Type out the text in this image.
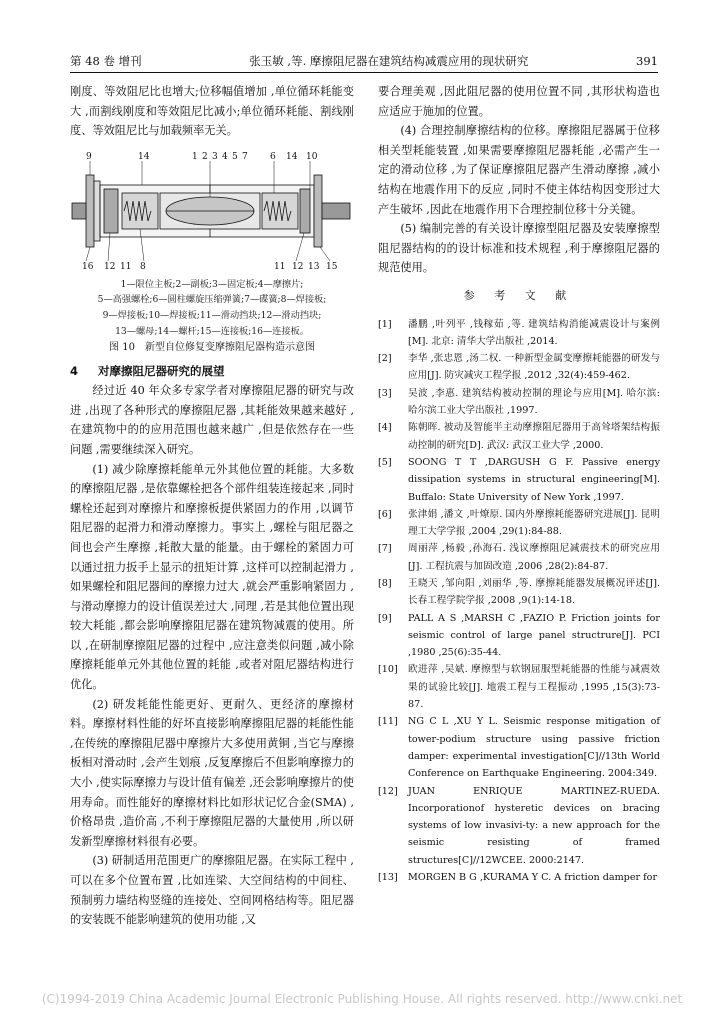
第 48 卷 增刊	张玉敏 ,等. 摩擦阻尼器在建筑结构减震应用的现状研究	391

刚度、等效阻尼比也增大;位移幅值增加 ,单位循环耗能变大 ,而割线刚度和等效阻尼比减小;单位循环耗能、割线刚度、等效阻尼比与加载频率无关。

9	14	1 2 3 4 5 7 6 14 10
16 12 11 8	11 12 13 15
1—限位主板;2—副板;3—固定板;4—摩擦片;
5—高强螺栓;6—圆柱螺旋压缩弹簧;7—碟簧;8—焊接板;
9—焊接板;10—焊接板;11—滑动挡块;12—滑动挡块;
13—螺母;14—螺杆;15—连接板;16—连接板。
图 10　新型自位修复变摩擦阻尼器构造示意图
4	对摩擦阻尼器研究的展望

经过近 40 年众多专家学者对摩擦阻尼器的研究与改进 ,出现了各种形式的摩擦阻尼器 ,其耗能效果越来越好 ,在建筑物中的的应用范围也越来越广 ,但是依然存在一些问题 ,需要继续深入研究。

(1) 减少除摩擦耗能单元外其他位置的耗能。大多数的摩擦阻尼器 ,是依靠螺栓把各个部件组装连接起来 ,同时螺栓还起到对摩擦片和摩擦板提供紧固力的作用 ,以调节阻尼器的起滑力和滑动摩擦力。事实上 ,螺栓与阻尼器之间也会产生摩擦 ,耗散大量的能量。由于螺栓的紧固力可以通过扭力扳手上显示的扭矩计算 ,这样可以控制起滑力 ,如果螺栓和阻尼器间的摩擦力过大 ,就会严重影响紧固力 ,与滑动摩擦力的设计值误差过大 ,同理 ,若是其他位置出现较大耗能 ,都会影响摩擦阻尼器在建筑物减震的使用。所以 ,在研制摩擦阻尼器的过程中 ,应注意类似问题 ,减小除摩擦耗能单元外其他位置的耗能 ,或者对阻尼器结构进行优化。

(2) 研发耗能性能更好、更耐久、更经济的摩擦材料。摩擦材料性能的好坏直接影响摩擦阻尼器的耗能性能 ,在传统的摩擦阻尼器中摩擦片大多使用黄铜 ,当它与摩擦板相对滑动时 ,会产生划痕 ,反复摩擦后不但影响摩擦力的大小 ,使实际摩擦力与设计值有偏差 ,还会影响摩擦片的使用寿命。而性能好的摩擦材料比如形状记忆合金(SMA) ,价格昂贵 ,造价高 ,不利于摩擦阻尼器的大量使用 ,所以研发新型摩擦材料很有必要。

(3) 研制适用范围更广的摩擦阻尼器。在实际工程中 ,可以在多个位置布置 ,比如连梁、大空间结构的中间柱、预制剪力墙结构竖缝的连接处、空间网格结构等。阻尼器的安装既不能影响建筑的使用功能 ,又

要合理美观 ,因此阻尼器的使用位置不同 ,其形状构造也应适应于施加的位置。

(4) 合理控制摩擦结构的位移。摩擦阻尼器属于位移相关型耗能装置 ,如果需要摩擦阻尼器耗能 ,必需产生一定的滑动位移 ,为了保证摩擦阻尼器产生滑动摩擦 ,减小结构在地震作用下的反应 ,同时不使主体结构因变形过大产生破坏 ,因此在地震作用下合理控制位移十分关键。

(5) 编制完善的有关设计摩擦型阻尼器及安装摩擦型阻尼器结构的的设计标准和技术规程 ,利于摩擦阻尼器的规范使用。

参 考 文 献
[1]	潘鹏 ,叶列平 ,钱稼茹 ,等. 建筑结构消能减震设计与案例[M]. 北京: 清华大学出版社 ,2014.
[2]	李华 ,张忠恩 ,汤二权. 一种新型金属变摩擦耗能器的研发与应用[J]. 防灾减灾工程学报 ,2012 ,32(4):459-462.
[3]	吴波 ,李惠. 建筑结构被动控制的理论与应用[M]. 哈尔滨: 哈尔滨工业大学出版社 ,1997.
[4]	陈朝晖. 被动及智能半主动摩擦阻尼器用于高耸塔架结构振动控制的研究[D]. 武汉: 武汉工业大学 ,2000.
[5]	SOONG T T ,DARGUSH G F. Passive energy dissipation systems in structural engineering[M]. Buffalo: State University of New York ,1997.
[6]	张津娟 ,潘文 ,叶燎原. 国内外摩擦耗能器研究进展[J]. 昆明理工大学学报 ,2004 ,29(1):84-88.
[7]	周丽萍 ,杨毅 ,孙海石. 浅议摩擦阻尼减震技术的研究应用[J]. 工程抗震与加固改造 ,2006 ,28(2):84-87.
[8]	王晓天 ,邹向阳 ,刘丽华 ,等. 摩擦耗能器发展概况评述[J]. 长春工程学院学报 ,2008 ,9(1):14-18.
[9]	PALL A S ,MARSH C ,FAZIO P. Friction joints for seismic control of large panel structrure[J]. PCI ,1980 ,25(6):35-44.
[10]	欧进萍 ,吴斌. 摩擦型与软钢屈服型耗能器的性能与减震效果的试验比较[J]. 地震工程与工程振动 ,1995 ,15(3):73-87.
[11]	NG C L ,XU Y L. Seismic response mitigation of tower-podium structure using passive friction damper: experimental investigation[C]//13th World Conference on Earthquake Engineering. 2004:349.
[12]	JUAN ENRIQUE MARTINEZ-RUEDA. Incorporationof hysteretic devices on bracing systems of low invasivi-ty: a new approach for the seismic resisting of framed structures[C]//12WCEE. 2000:2147.
[13]	MORGEN B G ,KURAMA Y C. A friction damper for
(C)1994-2019 China Academic Journal Electronic Publishing House. All rights reserved. http://www.cnki.net
